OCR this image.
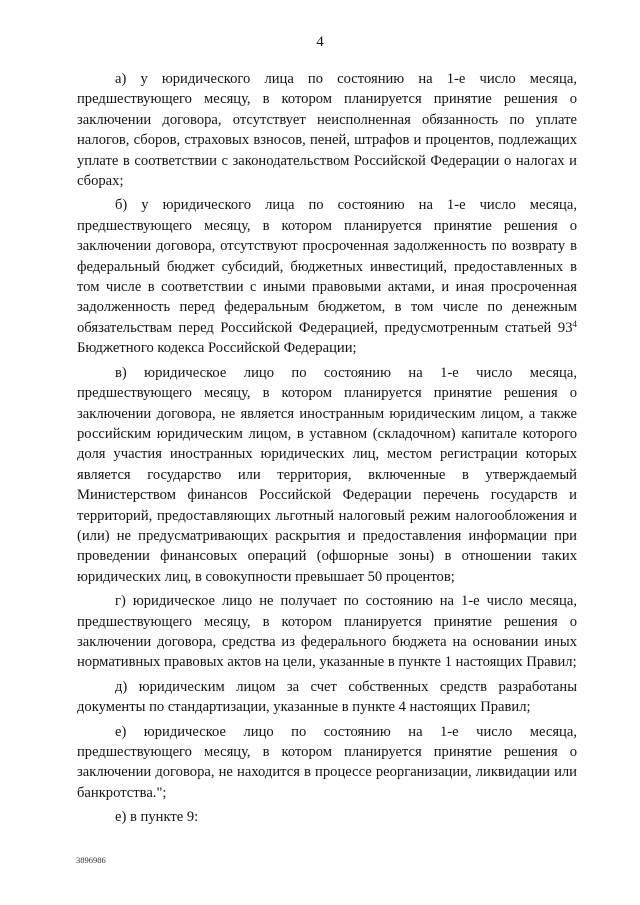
4

а) у юридического лица по состоянию на 1-е число месяца, предшествующего месяцу, в котором планируется принятие решения о заключении договора, отсутствует неисполненная обязанность по уплате налогов, сборов, страховых взносов, пеней, штрафов и процентов, подлежащих уплате в соответствии с законодательством Российской Федерации о налогах и сборах;

б) у юридического лица по состоянию на 1-е число месяца, предшествующего месяцу, в котором планируется принятие решения о заключении договора, отсутствуют просроченная задолженность по возврату в федеральный бюджет субсидий, бюджетных инвестиций, предоставленных в том числе в соответствии с иными правовыми актами, и иная просроченная задолженность перед федеральным бюджетом, в том числе по денежным обязательствам перед Российской Федерацией, предусмотренным статьей $93^4$ Бюджетного кодекса Российской Федерации;

в) юридическое лицо по состоянию на 1-е число месяца, предшествующего месяцу, в котором планируется принятие решения о заключении договора, не является иностранным юридическим лицом, а также российским юридическим лицом, в уставном (складочном) капитале которого доля участия иностранных юридических лиц, местом регистрации которых является государство или территория, включенные в утверждаемый Министерством финансов Российской Федерации перечень государств и территорий, предоставляющих льготный налоговый режим налогообложения и (или) не предусматривающих раскрытия и предоставления информации при проведении финансовых операций (офшорные зоны) в отношении таких юридических лиц, в совокупности превышает 50 процентов;

г) юридическое лицо не получает по состоянию на 1-е число месяца, предшествующего месяцу, в котором планируется принятие решения о заключении договора, средства из федерального бюджета на основании иных нормативных правовых актов на цели, указанные в пункте 1 настоящих Правил;

д) юридическим лицом за счет собственных средств разработаны документы по стандартизации, указанные в пункте 4 настоящих Правил;

е) юридическое лицо по состоянию на 1-е число месяца, предшествующего месяцу, в котором планируется принятие решения о заключении договора, не находится в процессе реорганизации, ликвидации или банкротства.";

е) в пункте 9:

3896986
